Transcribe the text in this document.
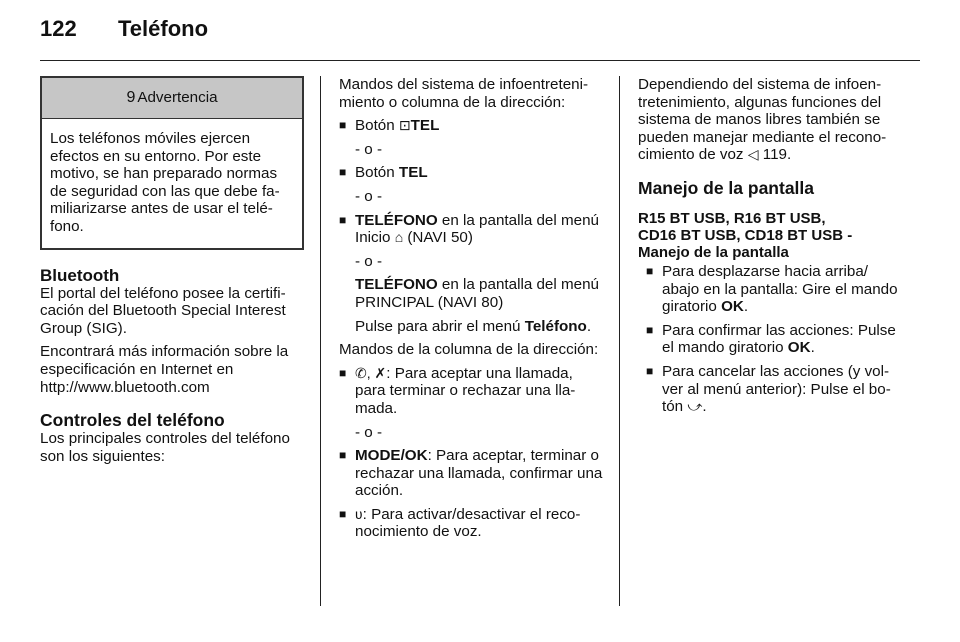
122 Teléfono
9 Advertencia
Los teléfonos móviles ejercen efectos en su entorno. Por este motivo, se han preparado normas de seguridad con las que debe familiarizarse antes de usar el teléfono.
Bluetooth

El portal del teléfono posee la certificación del Bluetooth Special Interest Group (SIG).

Encontrará más información sobre la especificación en Internet en
http://www.bluetooth.com

Controles del teléfono

Los principales controles del teléfono son los siguientes:

Mandos del sistema de infoentretenimiento o columna de la dirección:

■ Botón ⊡TEL
- o -
■ Botón TEL
- o -
■ TELÉFONO en la pantalla del menú Inicio ⌂ (NAVI 50)
- o -
TELÉFONO en la pantalla del menú PRINCIPAL (NAVI 80)
Pulse para abrir el menú Teléfono.

Mandos de la columna de la dirección:

■ ✆, ✗: Para aceptar una llamada, para terminar o rechazar una llamada.
- o -
■ MODE/OK: Para aceptar, terminar o rechazar una llamada, confirmar una acción.
■ ʋ: Para activar/desactivar el reconocimiento de voz.

Dependiendo del sistema de infoentretenimiento, algunas funciones del sistema de manos libres también se pueden manejar mediante el reconocimiento de voz ◁ 119.

Manejo de la pantalla
R15 BT USB, R16 BT USB,
CD16 BT USB, CD18 BT USB -
Manejo de la pantalla
■ Para desplazarse hacia arriba/ abajo en la pantalla: Gire el mando giratorio OK.
■ Para confirmar las acciones: Pulse el mando giratorio OK.
■ Para cancelar las acciones (y volver al menú anterior): Pulse el botón ⤻.
